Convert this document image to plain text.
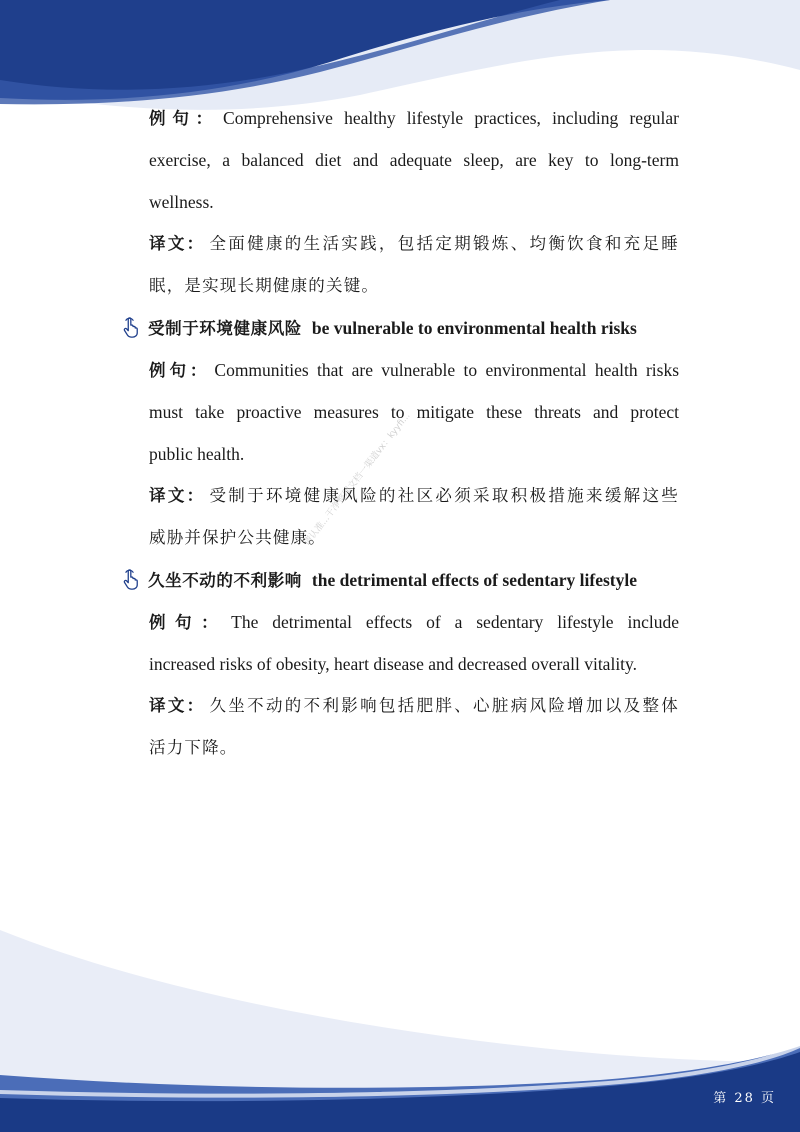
例句： Comprehensive healthy lifestyle practices, including regular
exercise, a balanced diet and adequate sleep, are key to long-term
wellness.
译文： 全面健康的生活实践，包括定期锻炼、均衡饮食和充足睡
眠，是实现长期健康的关键。
受制于环境健康风险 be vulnerable to environmental health risks
例句： Communities that are vulnerable to environmental health risks
must take proactive measures to mitigate these threats and protect
public health.
译文： 受制于环境健康风险的社区必须采取积极措施来缓解这些
威胁并保护公共健康。
久坐不动的不利影响 the detrimental effects of sedentary lifestyle
例句： The detrimental effects of a sedentary lifestyle include
increased risks of obesity, heart disease and decreased overall vitality.
译文： 久坐不动的不利影响包括肥胖、心脏病风险增加以及整体
活力下降。
请认准...干净整理文档一渠道vx：kyyfi...
第 28 页
